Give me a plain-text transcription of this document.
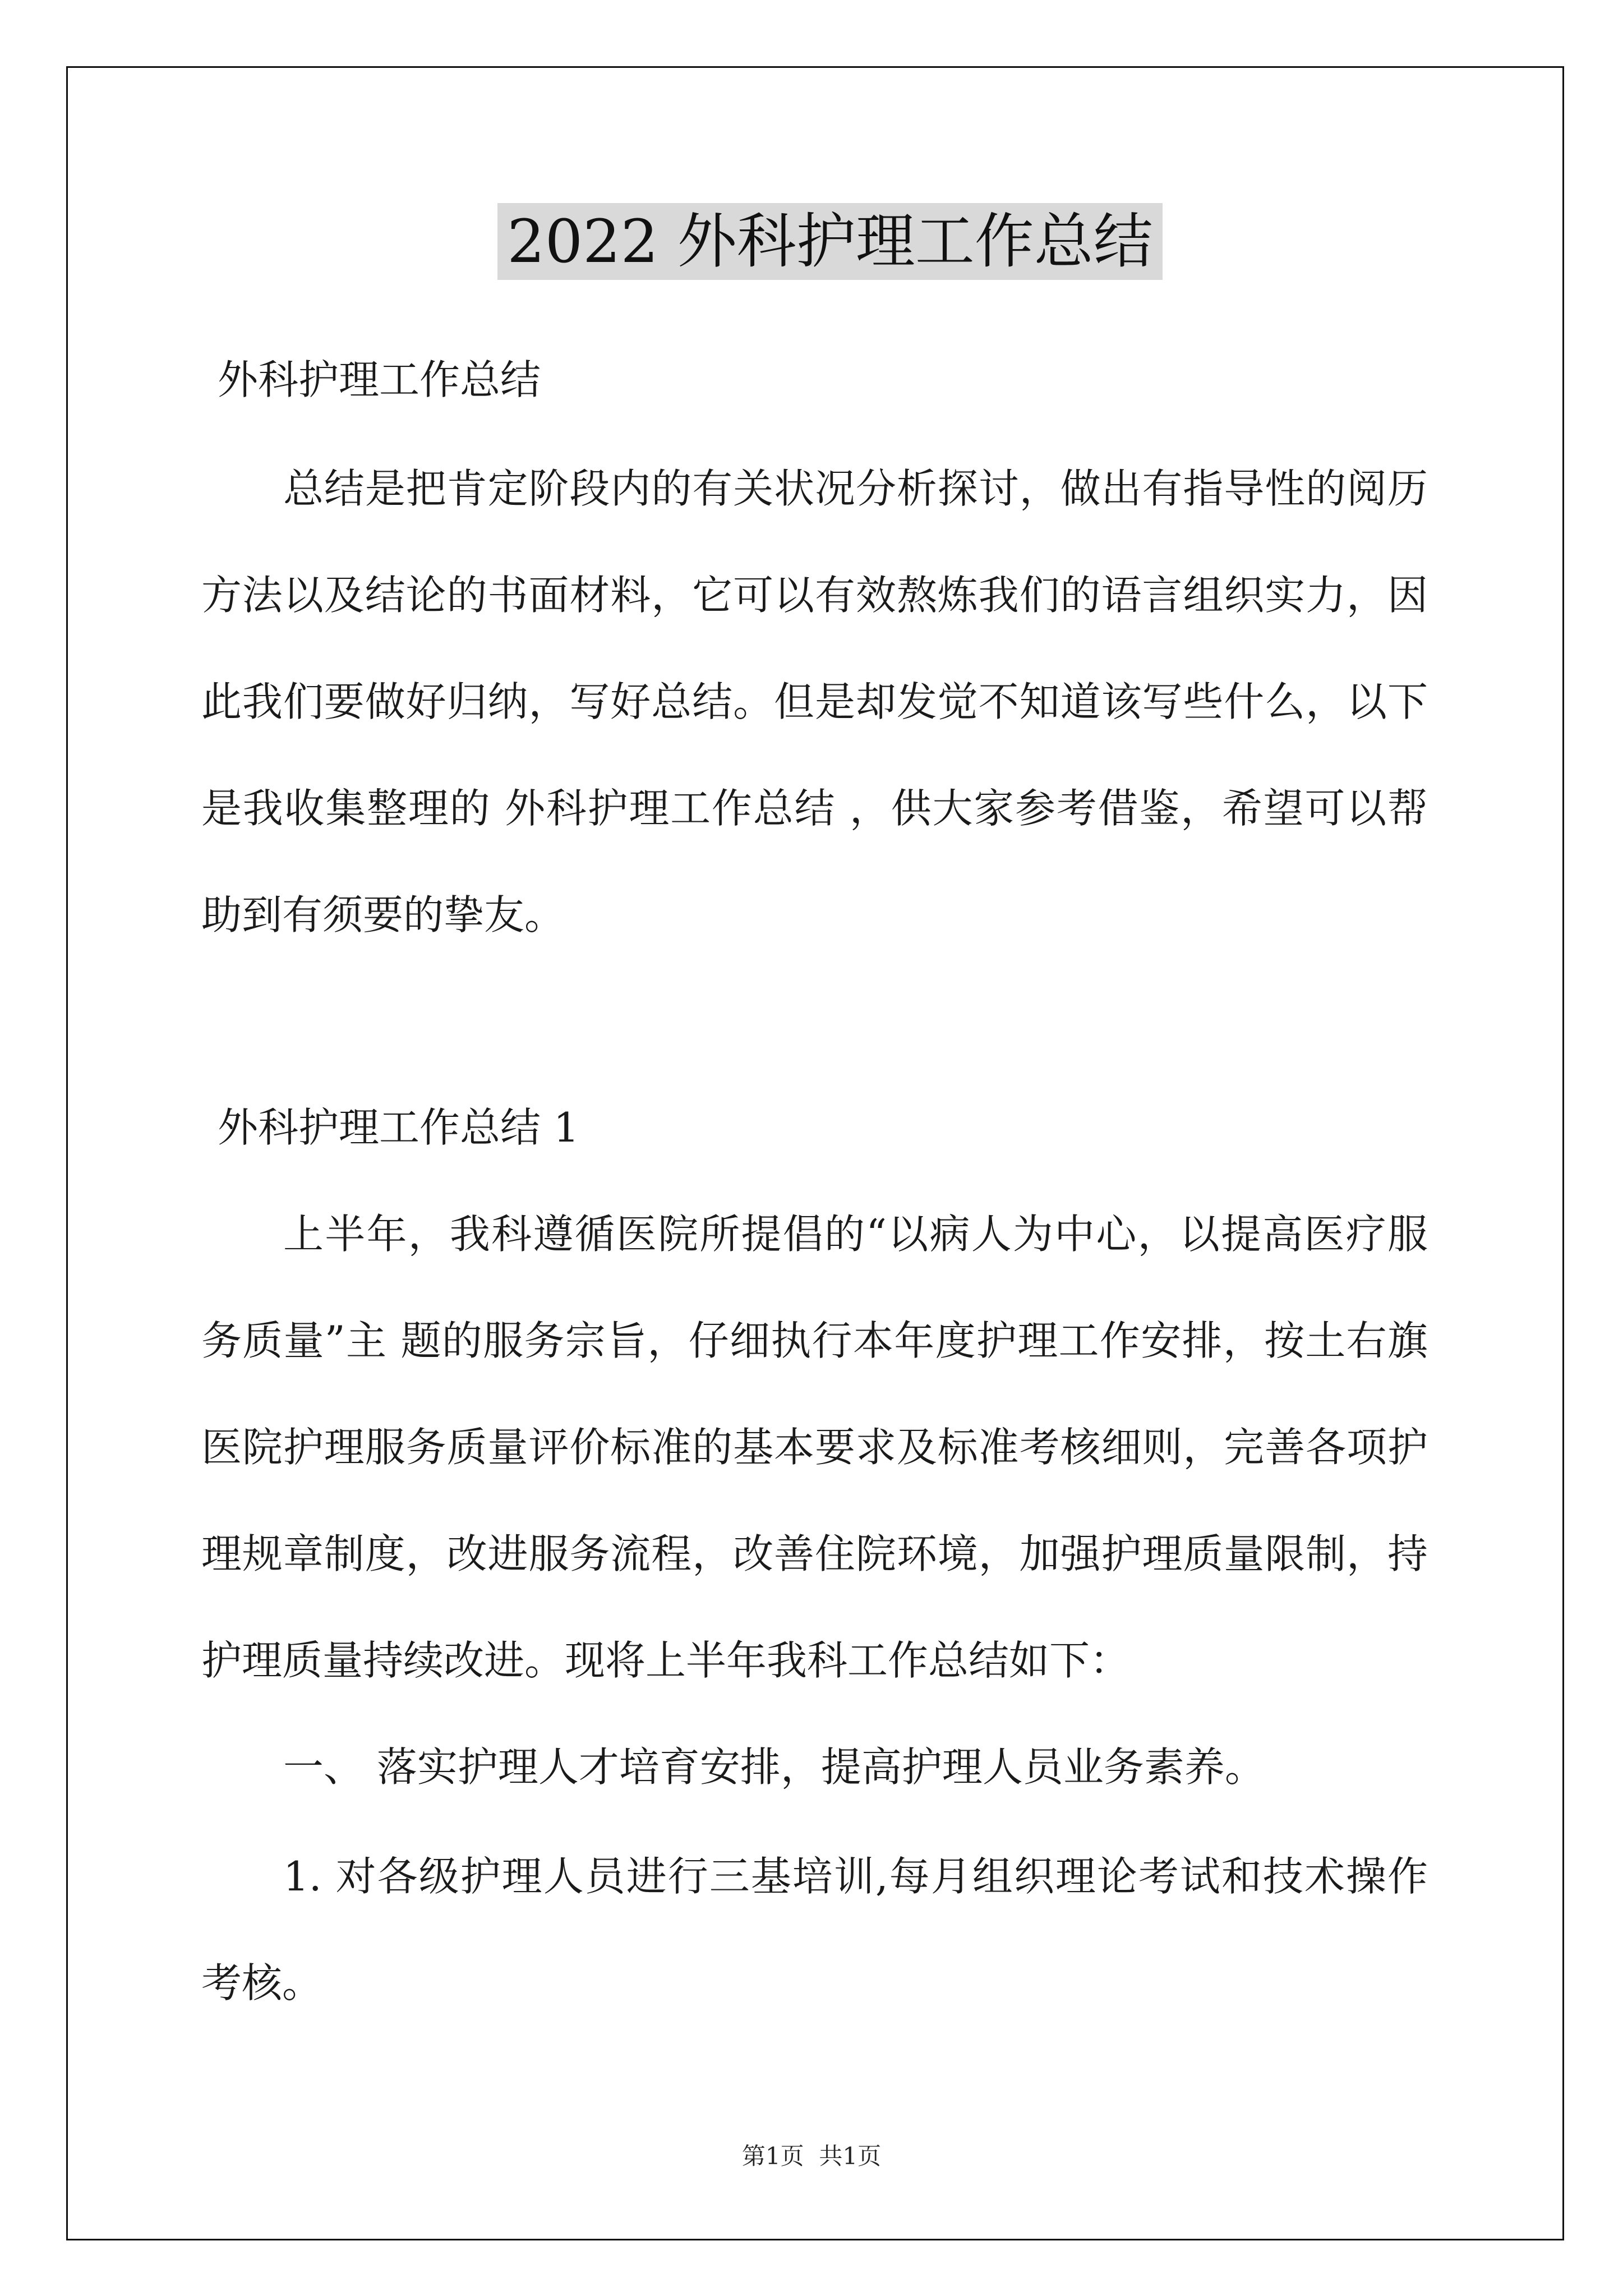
2022 外科护理工作总结
外科护理工作总结
总结是把肯定阶段内的有关状况分析探讨，做出有指导性的阅历
方法以及结论的书面材料，它可以有效熬炼我们的语言组织实力，因
此我们要做好归纳，写好总结。但是却发觉不知道该写些什么，以下
是我收集整理的 外科护理工作总结 ，供大家参考借鉴，希望可以帮
助到有须要的挚友。
外科护理工作总结 1
上半年，我科遵循医院所提倡的“以病人为中心，以提高医疗服
务质量”主 题的服务宗旨，仔细执行本年度护理工作安排，按土右旗
医院护理服务质量评价标准的基本要求及标准考核细则，完善各项护
理规章制度，改进服务流程，改善住院环境，加强护理质量限制，持
护理质量持续改进。现将上半年我科工作总结如下：
一、 落实护理人才培育安排，提高护理人员业务素养。
1. 对各级护理人员进行三基培训,每月组织理论考试和技术操作
考核。
第1页  共1页
